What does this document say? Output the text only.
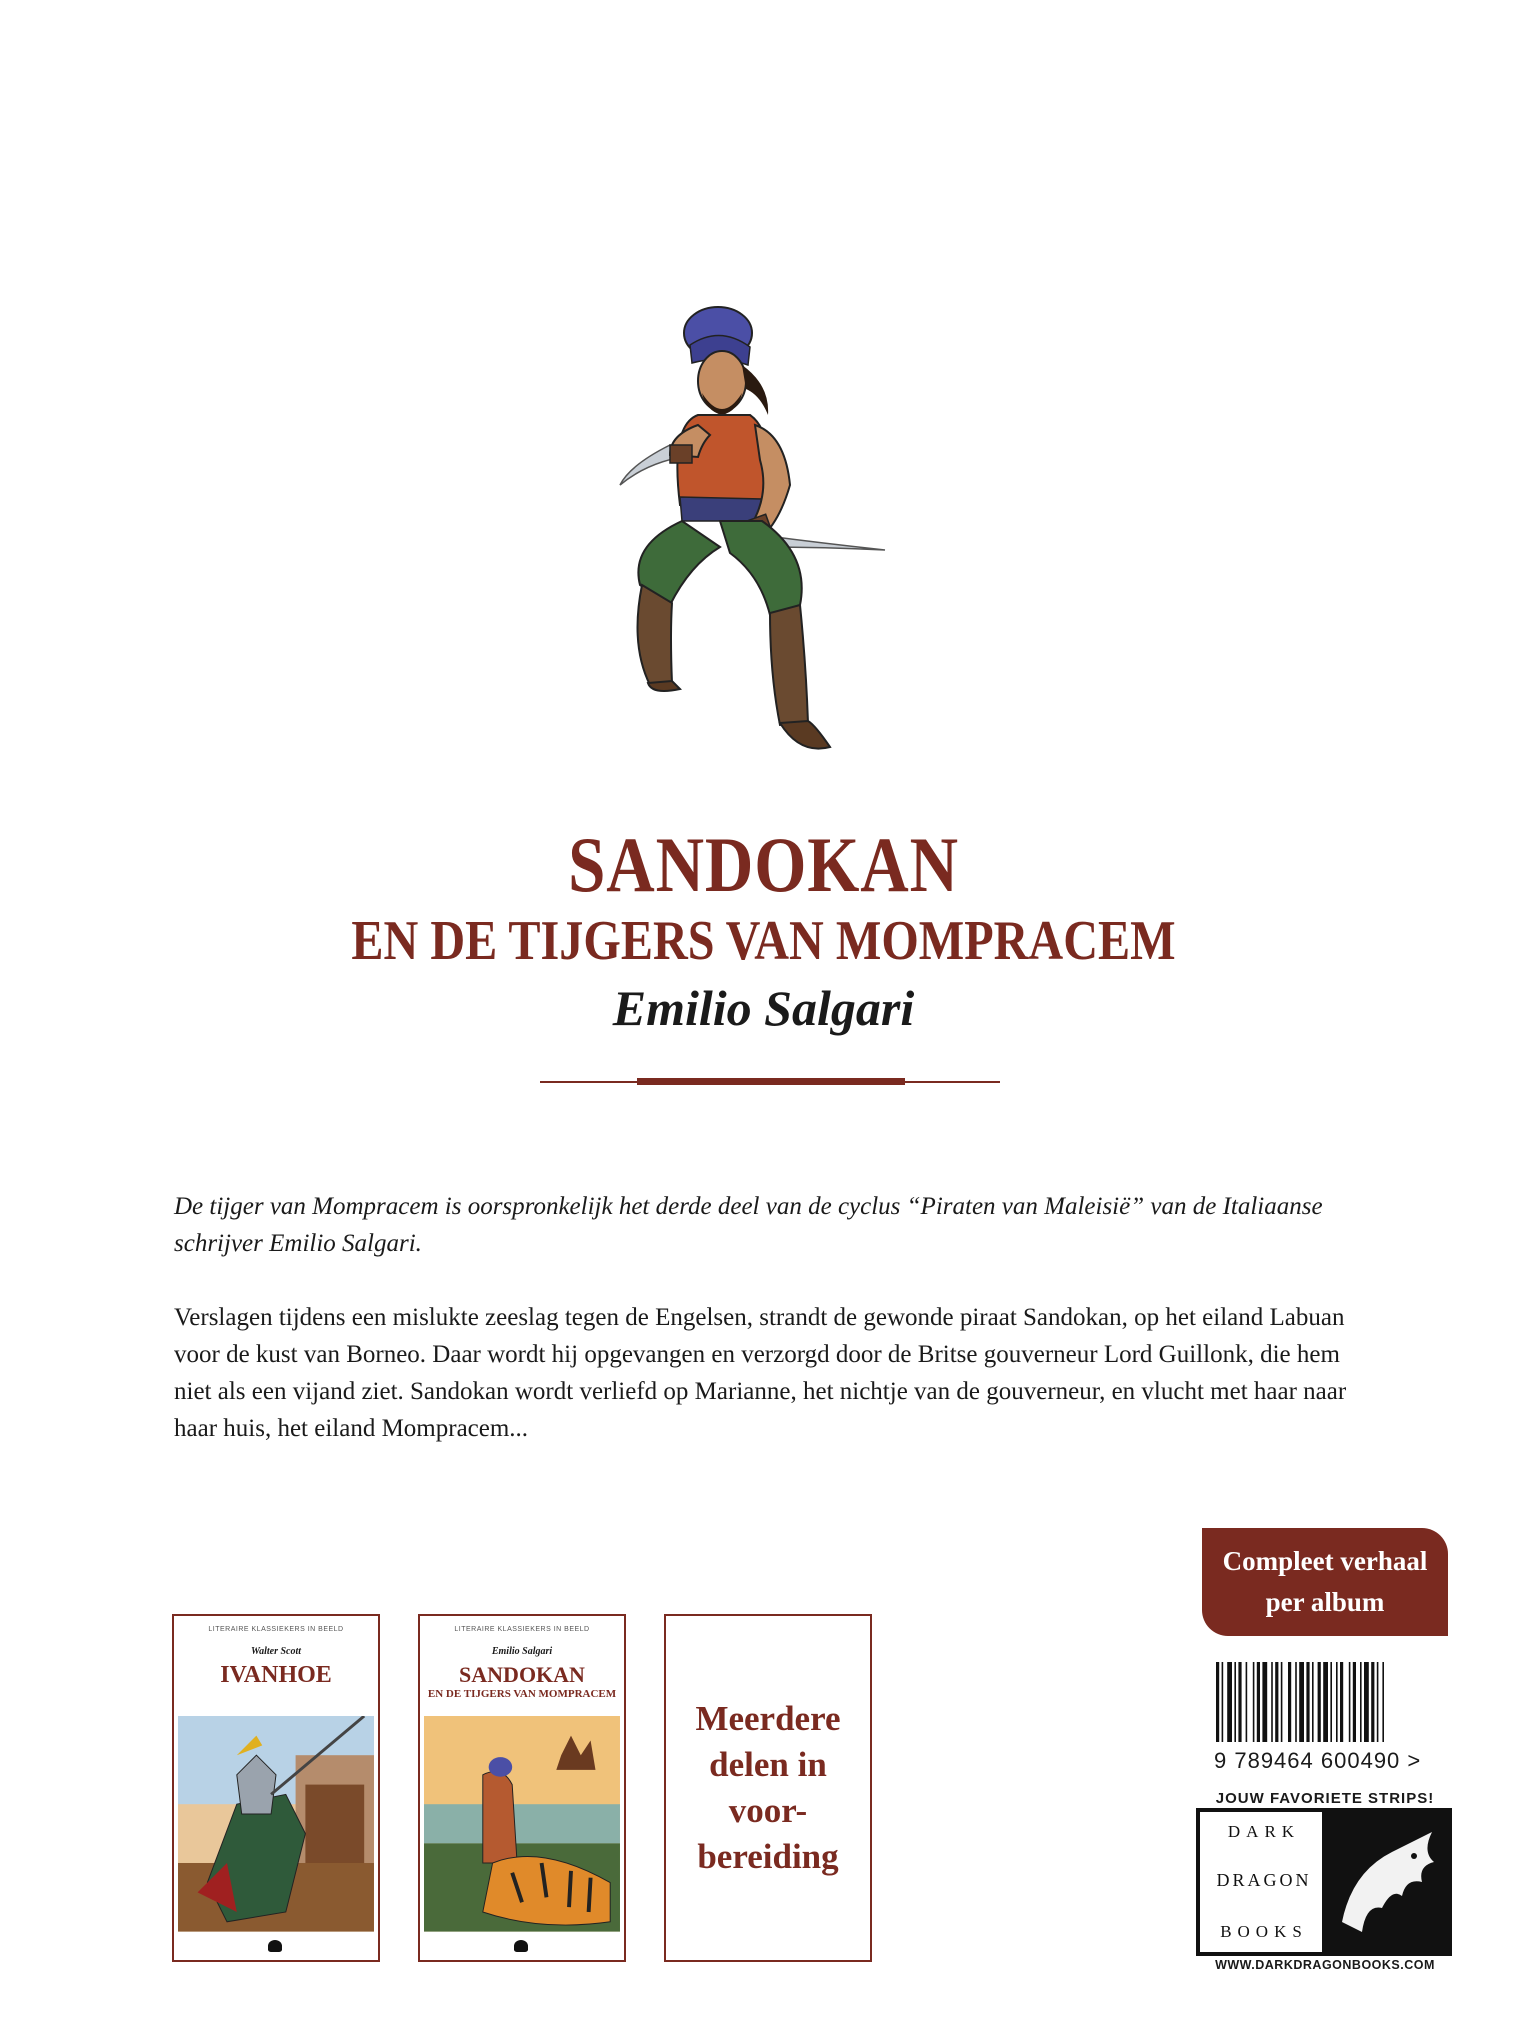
SANDOKAN
EN DE TIJGERS VAN MOMPRACEM
Emilio Salgari

De tijger van Mompracem is oorspronkelijk het derde deel van de cyclus “Piraten van Maleisië” van de Italiaanse schrijver Emilio Salgari.

Verslagen tijdens een mislukte zeeslag tegen de Engelsen, strandt de gewonde piraat Sandokan, op het eiland Labuan voor de kust van Borneo. Daar wordt hij opgevangen en verzorgd door de Britse gouverneur Lord Guillonk, die hem niet als een vijand ziet. Sandokan wordt verliefd op Marianne, het nichtje van de gouverneur, en vlucht met haar naar haar huis, het eiland Mompracem...

LITERAIRE KLASSIEKERS IN BEELD
Walter Scott
IVANHOE
LITERAIRE KLASSIEKERS IN BEELD
Emilio Salgari
SANDOKAN
EN DE TIJGERS VAN MOMPRACEM
Meerdere
delen in
voor-
bereiding
Compleet verhaal
per album
9 789464 600490 >
JOUW FAVORIETE STRIPS!
DARK
DRAGON
BOOKS
WWW.DARKDRAGONBOOKS.COM
